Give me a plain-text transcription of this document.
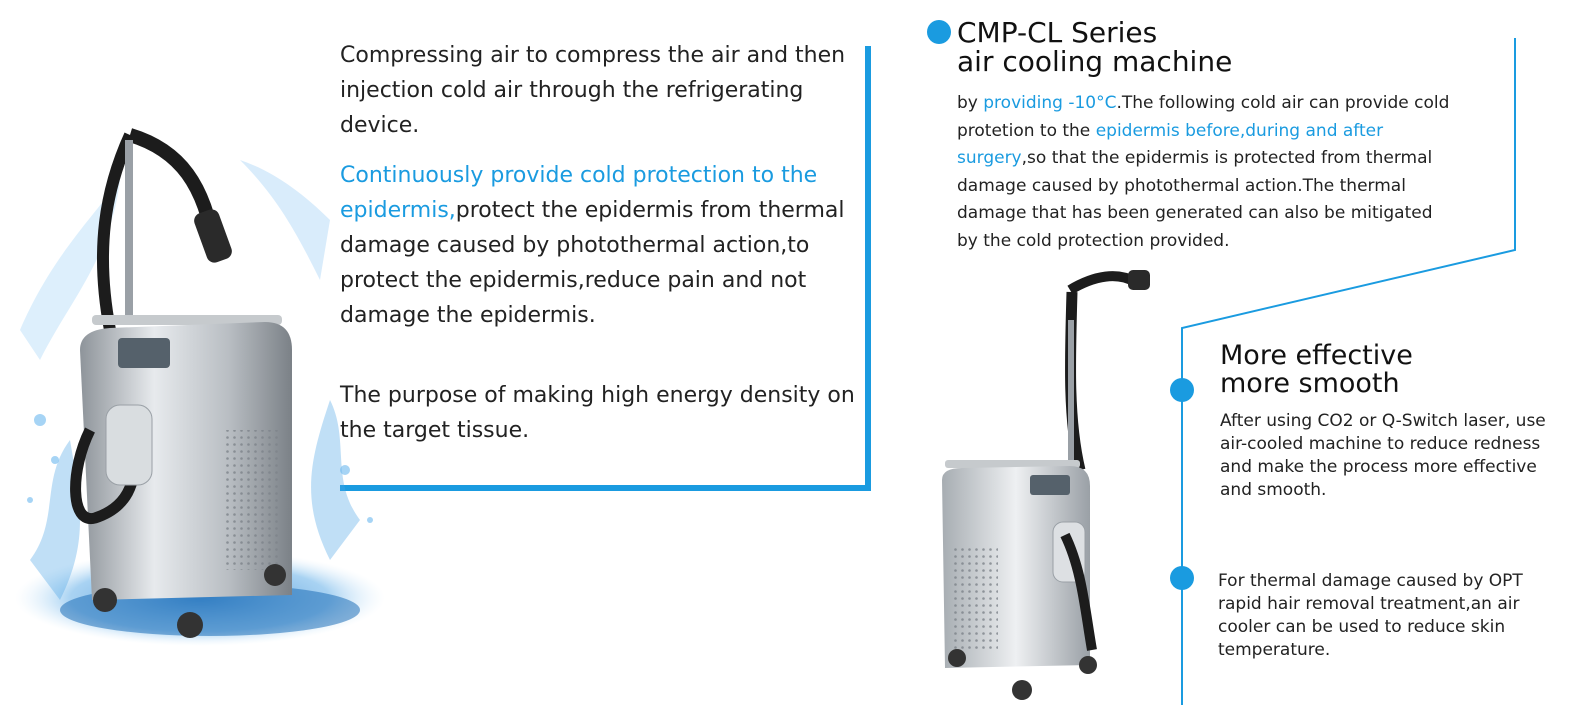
Compressing air to compress the air and then injection cold air through the refrigerating device.
Continuously provide cold protection to the epidermis,protect the epidermis from thermal damage caused by photothermal action,to protect the epidermis,reduce pain and not damage the epidermis.
The purpose of making high energy density on the target tissue.
CMP-CL Series
air cooling machine
by providing -10°C.The following cold air can provide cold protetion to the epidermis before,during and after surgery,so that the epidermis is protected from thermal damage caused by photothermal action.The thermal damage that has been generated can also be mitigated by the cold protection provided.
More effective
more smooth
After using CO2 or Q-Switch laser, use air-cooled machine to reduce redness and make the process more effective and smooth.
For thermal damage caused by OPT rapid hair removal treatment,an air cooler can be used to reduce skin temperature.
